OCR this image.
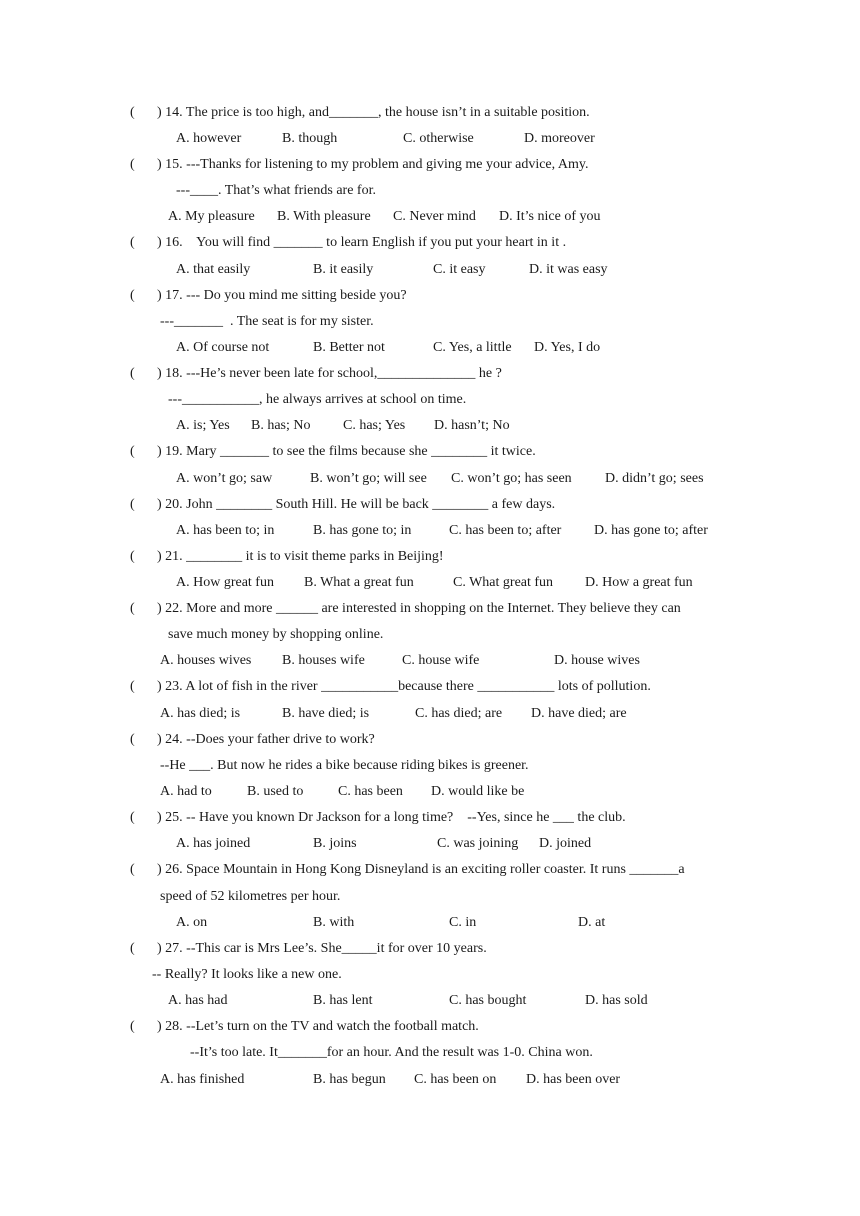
( ) 14. The price is too high, and_______, the house isn’t in a suitable position.
A. however	B. though	C. otherwise	D. moreover
( ) 15. ---Thanks for listening to my problem and giving me your advice, Amy.
---____. That’s what friends are for.
A. My pleasure B. With pleasure C. Never mind D. It’s nice of you
( ) 16.    You will find _______ to learn English if you put your heart in it .
A. that easily	B. it easily	C. it easy	D. it was easy
( ) 17. --- Do you mind me sitting beside you?
---_______  . The seat is for my sister.
A. Of course not	B. Better not	C. Yes, a little D. Yes, I do
( ) 18. ---He’s never been late for school,______________ he ?
---___________, he always arrives at school on time.
A. is; Yes B. has; No C. has; Yes D. hasn’t; No
( ) 19. Mary _______ to see the films because she ________ it twice.
A. won’t go; saw	B. won’t go; will see C. won’t go; has seen D. didn’t go; sees
( ) 20. John ________ South Hill. He will be back ________ a few days.
A. has been to; in	B. has gone to; in	C. has been to; after D. has gone to; after
( ) 21. ________ it is to visit theme parks in Beijing!
A. How great fun B. What a great fun	C. What great fun D. How a great fun
( ) 22. More and more ______ are interested in shopping on the Internet. They believe they can
save much money by shopping online.
A. houses wives B. houses wife	C. house wife	D. house wives
( ) 23. A lot of fish in the river ___________because there ___________ lots of pollution.
A. has died; is	B. have died; is	C. has died; are D. have died; are
( ) 24. --Does your father drive to work?
--He ___. But now he rides a bike because riding bikes is greener.
A. had to	B. used to C. has been D. would like be
( ) 25. -- Have you known Dr Jackson for a long time?    --Yes, since he ___ the club.
A. has joined	B. joins	C. was joining D. joined
( ) 26. Space Mountain in Hong Kong Disneyland is an exciting roller coaster. It runs _______a
speed of 52 kilometres per hour.
A. on	B. with	C. in	D. at
( ) 27. --This car is Mrs Lee’s. She_____it for over 10 years.
-- Really? It looks like a new one.
A. has had	B. has lent	C. has bought	D. has sold
( ) 28. --Let’s turn on the TV and watch the football match.
--It’s too late. It_______for an hour. And the result was 1-0. China won.
A. has finished	B. has begun C. has been on D. has been over
